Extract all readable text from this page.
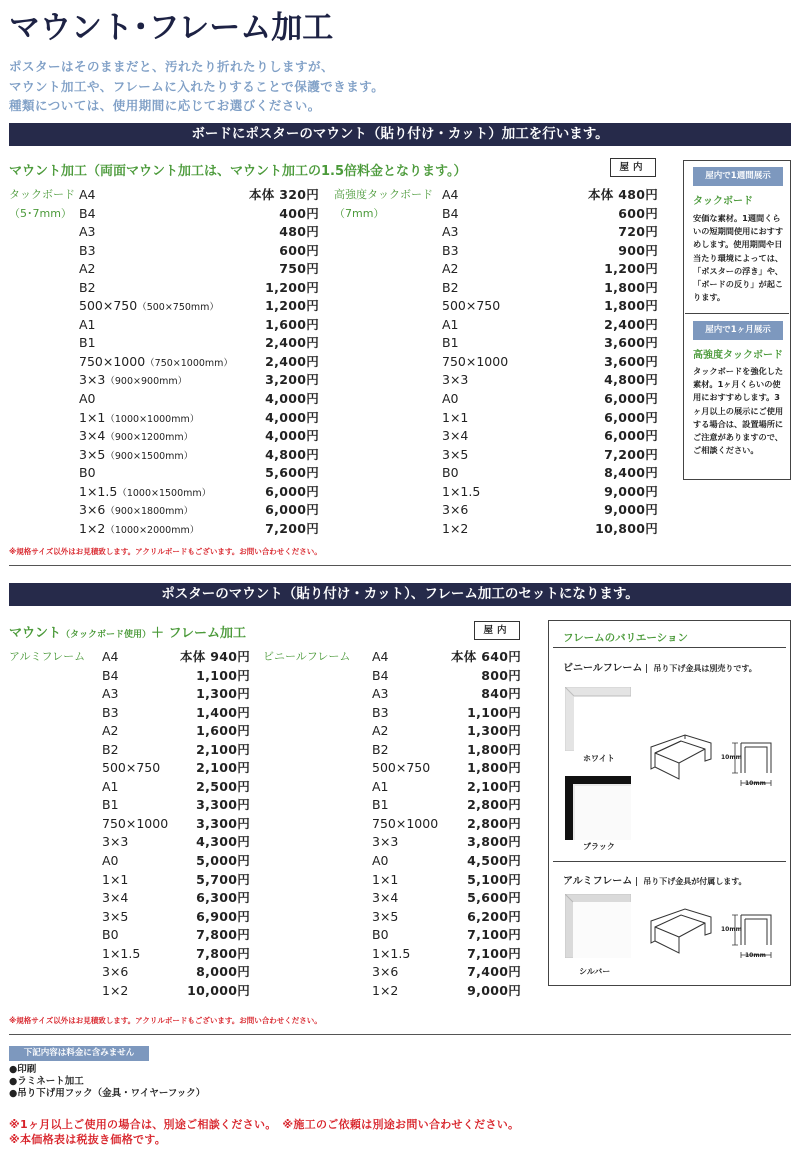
マウント･フレーム加工
ポスターはそのままだと、汚れたり折れたりしますが、
マウント加工や、フレームに入れたりすることで保護できます。
種類については、使用期間に応じてお選びください。
ボードにポスターのマウント（貼り付け・カット）加工を行います。
マウント加工（両面マウント加工は、マウント加工の1.5倍料金となります。）	屋内
タックボード
（5･7mm）
A4	本体 320円
B4	400円
A3	480円
B3	600円
A2	750円
B2	1,200円
500×750（500×750mm）	1,200円
A1	1,600円
B1	2,400円
750×1000（750×1000mm）	2,400円
3×3（900×900mm）	3,200円
A0	4,000円
1×1（1000×1000mm）	4,000円
3×4（900×1200mm）	4,000円
3×5（900×1500mm）	4,800円
B0	5,600円
1×1.5（1000×1500mm）	6,000円
3×6（900×1800mm）	6,000円
1×2（1000×2000mm）	7,200円
高強度タックボード
（7mm）
A4	本体 480円
B4	600円
A3	720円
B3	900円
A2	1,200円
B2	1,800円
500×750	1,800円
A1	2,400円
B1	3,600円
750×1000	3,600円
3×3	4,800円
A0	6,000円
1×1	6,000円
3×4	6,000円
3×5	7,200円
B0	8,400円
1×1.5	9,000円
3×6	9,000円
1×2	10,800円
※規格サイズ以外はお見積致します。アクリルボードもございます。お問い合わせください。
屋内で1週間展示
タックボード
安価な素材。1週間くらいの短期間使用におすすめします。使用期間や日当たり環境によっては、「ポスターの浮き」や、「ボードの反り」が起こります。
屋内で1ヶ月展示
高強度タックボード
タックボードを強化した素材。1ヶ月くらいの使用におすすめします。3ヶ月以上の展示にご使用する場合は、設置場所にご注意がありますので、ご相談ください。
ポスターのマウント（貼り付け・カット）、フレーム加工のセットになります。
マウント（タックボード使用）＋ フレーム加工	屋内
アルミフレーム A4	本体 940円
B4	1,100円
A3	1,300円
B3	1,400円
A2	1,600円
B2	2,100円
500×750	2,100円
A1	2,500円
B1	3,300円
750×1000 3,300円
3×3	4,300円
A0	5,000円
1×1	5,700円
3×4	6,300円
3×5	6,900円
B0	7,800円
1×1.5	7,800円
3×6	8,000円
1×2	10,000円
ビニールフレーム A4	本体 640円
B4	800円
A3	840円
B3	1,100円
A2	1,300円
B2	1,800円
500×750	1,800円
A1	2,100円
B1	2,800円
750×1000 2,800円
3×3	3,800円
A0	4,500円
1×1	5,100円
3×4	5,600円
3×5	6,200円
B0	7,100円
1×1.5	7,100円
3×6	7,400円
1×2	9,000円
※規格サイズ以外はお見積致します。アクリルボードもございます。お問い合わせください。
フレームのバリエーション
ビニールフレーム 吊り下げ金具は別売りです。
ホワイト
ブラック
10mm
10mm
アルミフレーム 吊り下げ金具が付属します。
シルバー
10mm
10mm
下記内容は料金に含みません
●印刷
●ラミネート加工
●吊り下げ用フック（金具・ワイヤーフック）
※1ヶ月以上ご使用の場合は、別途ご相談ください。　※施工のご依頼は別途お問い合わせください。
※本価格表は税抜き価格です。
